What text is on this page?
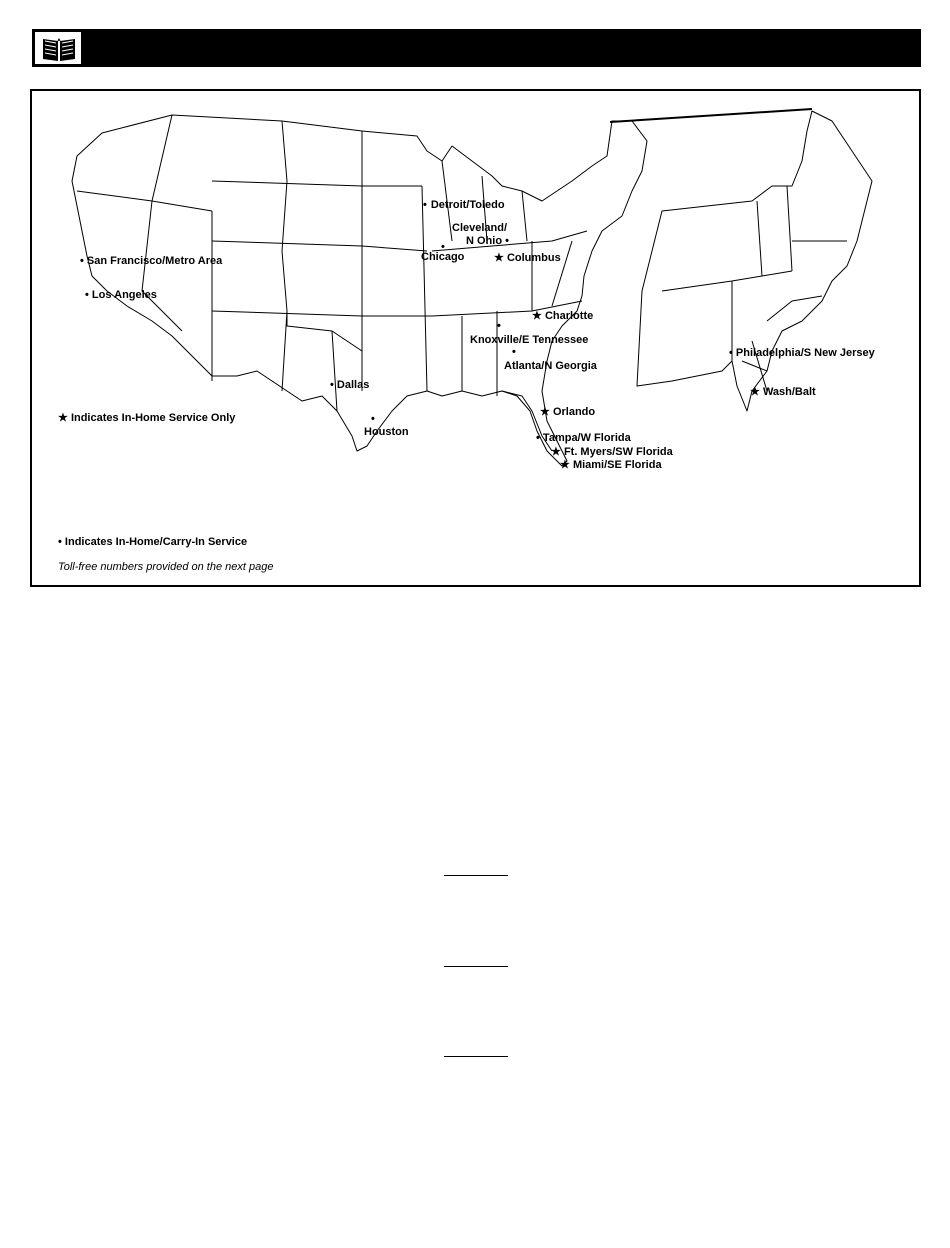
• Detroit/Toledo
Cleveland/
N Ohio •
Chicago	★ Columbus
• San Francisco/Metro Area
• Los Angeles
★ Charlotte
Knoxville/E Tennessee
Atlanta/N Georgia
• Dallas
★ Orlando
Houston	• Tampa/W Florida
★ Ft. Myers/SW Florida
★ Miami/SE Florida
• Philadelphia/S New Jersey
★ Wash/Balt
•
•
•
•
★ Indicates In-Home Service Only
• Indicates In-Home/Carry-In Service
Toll-free numbers provided on the next page
